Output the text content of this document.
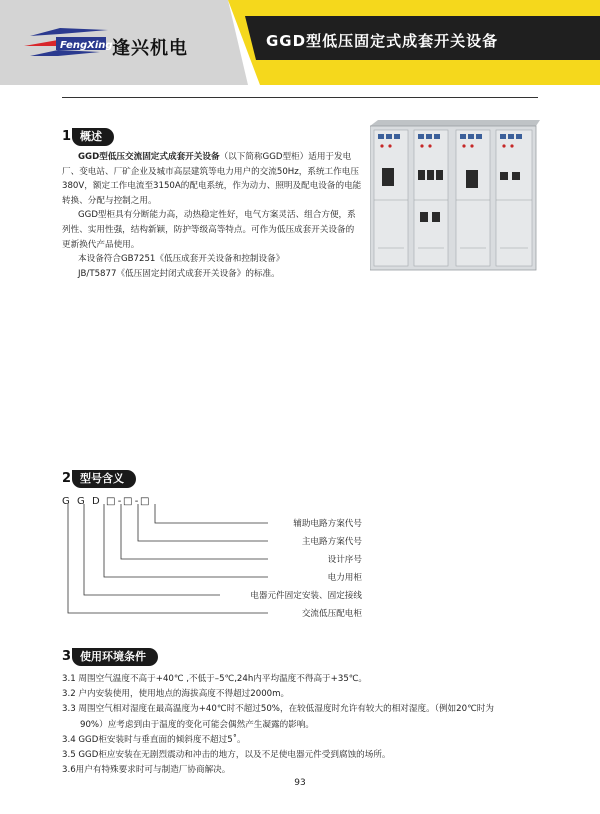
FengXing 逢兴机电	GGD型低压固定式成套开关设备
1 概述

GGD型低压交流固定式成套开关设备（以下简称GGD型柜）适用于发电厂、变电站、厂矿企业及城市高层建筑等电力用户的交流50Hz，系统工作电压380V，额定工作电流至3150A的配电系统，作为动力、照明及配电设备的电能转换、分配与控制之用。

GGD型柜具有分断能力高，动热稳定性好，电气方案灵活、组合方便，系列性、实用性强，结构新颖，防护等级高等特点。可作为低压成套开关设备的更新换代产品使用。

本设备符合GB7251《低压成套开关设备和控制设备》

JB/T5877《低压固定封闭式成套开关设备》的标准。

2 型号含义
G G D □ - □ - □
辅助电路方案代号
主电路方案代号
设计序号
电力用柜
电器元件固定安装、固定接线
交流低压配电柜
3 使用环境条件

3.1 周围空气温度不高于+40℃ ,不低于–5℃,24h内平均温度不得高于+35℃。

3.2 户内安装使用，使用地点的海拔高度不得超过2000m。

3.3 周围空气相对湿度在最高温度为+40℃时不超过50%，在较低湿度时允许有较大的相对湿度。（例如20℃时为

90%）应考虑到由于温度的变化可能会偶然产生凝露的影响。

3.4 GGD柜安装时与垂直面的倾斜度不超过5˚。

3.5 GGD柜应安装在无剧烈震动和冲击的地方，以及不足使电器元件受到腐蚀的场所。

3.6用户有特殊要求时可与制造厂协商解决。

93
